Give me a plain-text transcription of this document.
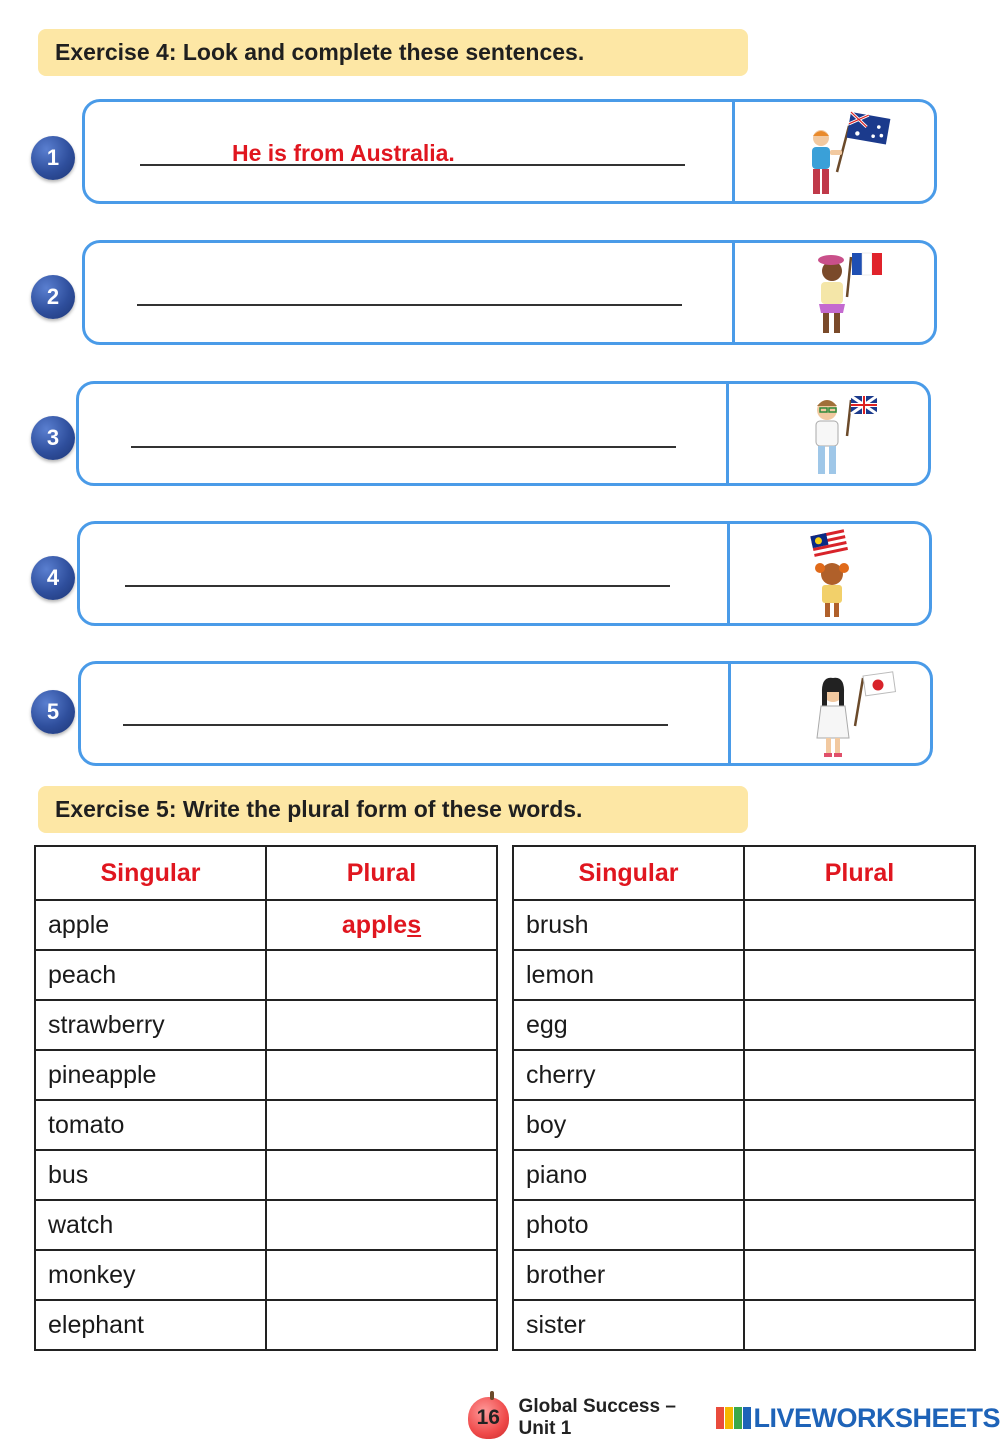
Exercise 4: Look and complete these sentences.
1	He is from Australia.
2
3
4
5
Exercise 5: Write the plural form of these words.
Singular	Plural
apple	apples
peach	
strawberry	
pineapple	
tomato	
bus	
watch	
monkey	
elephant	
Singular	Plural
brush	
lemon	
egg	
cherry	
boy	
piano	
photo	
brother	
sister	
16 Global Success – Unit 1	LIVEWORKSHEETS
